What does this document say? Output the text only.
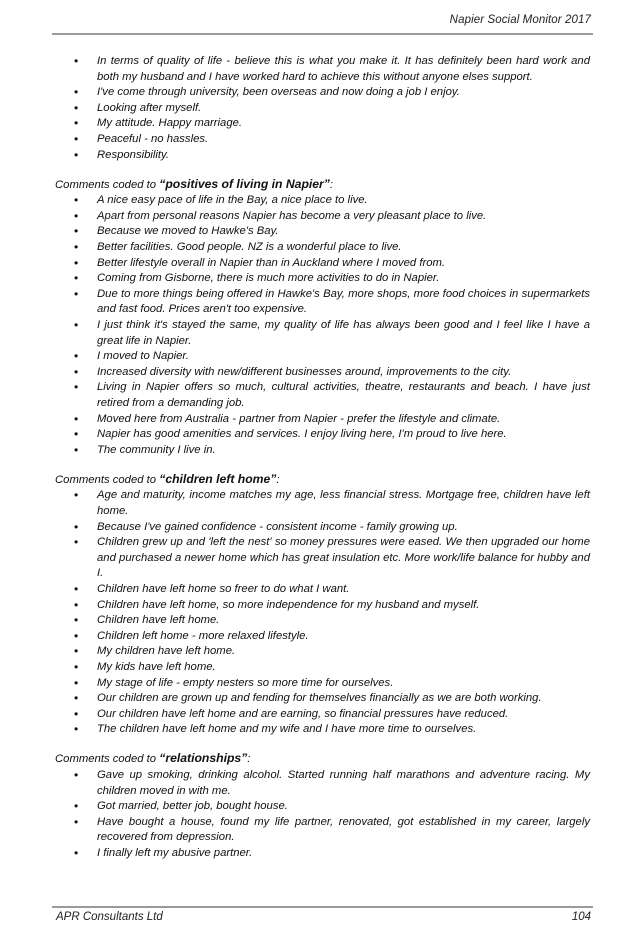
Napier Social Monitor 2017
• In terms of quality of life - believe this is what you make it. It has definitely been hard work and both my husband and I have worked hard to achieve this without anyone elses support.
• I've come through university, been overseas and now doing a job I enjoy.
• Looking after myself.
• My attitude. Happy marriage.
• Peaceful - no hassles.
• Responsibility.

Comments coded to “positives of living in Napier”:

• A nice easy pace of life in the Bay, a nice place to live.
• Apart from personal reasons Napier has become a very pleasant place to live.
• Because we moved to Hawke's Bay.
• Better facilities. Good people. NZ is a wonderful place to live.
• Better lifestyle overall in Napier than in Auckland where I moved from.
• Coming from Gisborne, there is much more activities to do in Napier.
• Due to more things being offered in Hawke's Bay, more shops, more food choices in supermarkets and fast food. Prices aren't too expensive.
• I just think it's stayed the same, my quality of life has always been good and I feel like I have a great life in Napier.
• I moved to Napier.
• Increased diversity with new/different businesses around, improvements to the city.
• Living in Napier offers so much, cultural activities, theatre, restaurants and beach. I have just retired from a demanding job.
• Moved here from Australia - partner from Napier - prefer the lifestyle and climate.
• Napier has good amenities and services. I enjoy living here, I'm proud to live here.
• The community I live in.

Comments coded to “children left home”:

• Age and maturity, income matches my age, less financial stress. Mortgage free, children have left home.
• Because I've gained confidence - consistent income - family growing up.
• Children grew up and 'left the nest' so money pressures were eased. We then upgraded our home and purchased a newer home which has great insulation etc. More work/life balance for hubby and I.
• Children have left home so freer to do what I want.
• Children have left home, so more independence for my husband and myself.
• Children have left home.
• Children left home - more relaxed lifestyle.
• My children have left home.
• My kids have left home.
• My stage of life - empty nesters so more time for ourselves.
• Our children are grown up and fending for themselves financially as we are both working.
• Our children have left home and are earning, so financial pressures have reduced.
• The children have left home and my wife and I have more time to ourselves.

Comments coded to “relationships”:

• Gave up smoking, drinking alcohol. Started running half marathons and adventure racing. My children moved in with me.
• Got married, better job, bought house.
• Have bought a house, found my life partner, renovated, got established in my career, largely recovered from depression.
• I finally left my abusive partner.
APR Consultants Ltd	104
